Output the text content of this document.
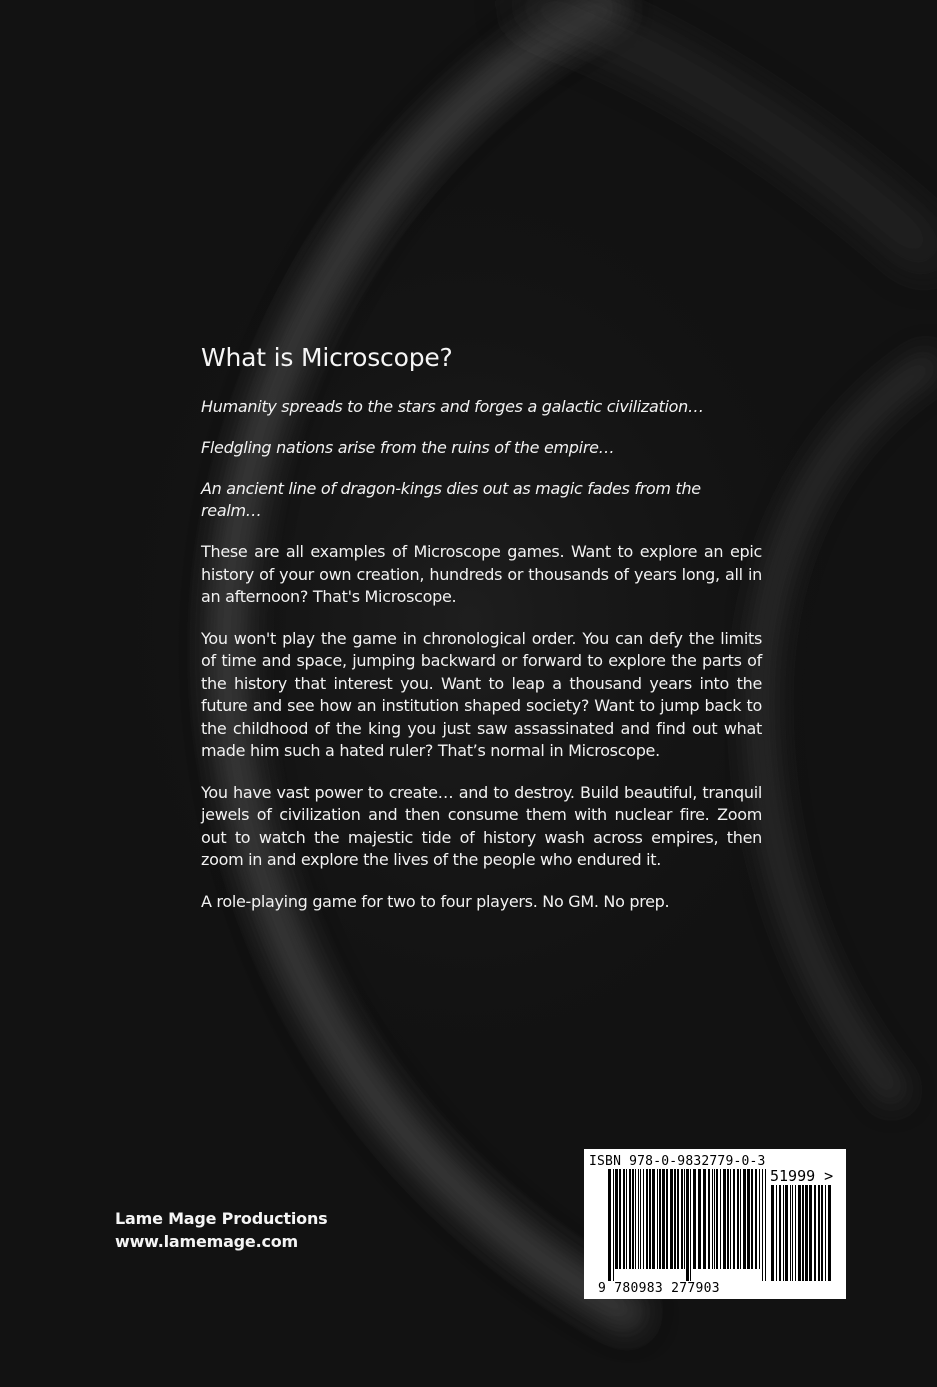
What is Microscope?

Humanity spreads to the stars and forges a galactic civilization…

Fledgling nations arise from the ruins of the empire…

An ancient line of dragon-kings dies out as magic fades from the realm…

These are all examples of Microscope games. Want to explore an epic history of your own creation, hundreds or thousands of years long, all in an afternoon? That's Microscope.

You won't play the game in chronological order. You can defy the limits of time and space, jumping backward or forward to explore the parts of the history that interest you. Want to leap a thousand years into the future and see how an institution shaped society? Want to jump back to the childhood of the king you just saw assassinated and find out what made him such a hated ruler? That’s normal in Microscope.

You have vast power to create… and to destroy. Build beautiful, tranquil jewels of civilization and then consume them with nuclear fire. Zoom out to watch the majestic tide of history wash across empires, then zoom in and explore the lives of the people who endured it.

A role-playing game for two to four players. No GM. No prep.

Lame Mage Productions
www.lamemage.com
ISBN 978-0-9832779-0-3
51999 >
9 780983 277903
